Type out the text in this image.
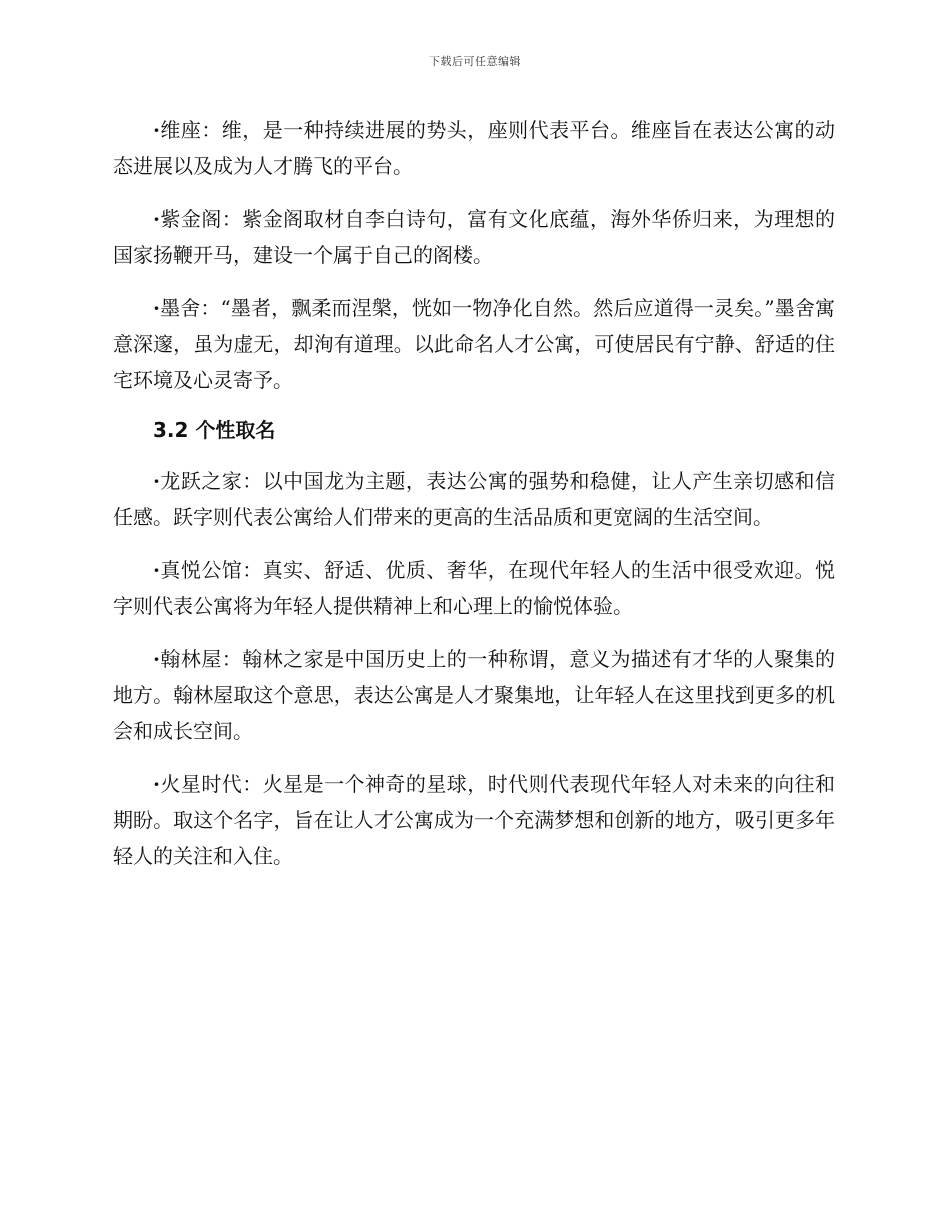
下载后可任意编辑

·维座：维，是一种持续进展的势头，座则代表平台。维座旨在表达公寓的动态进展以及成为人才腾飞的平台。

·紫金阁：紫金阁取材自李白诗句，富有文化底蕴，海外华侨归来，为理想的国家扬鞭开马，建设一个属于自己的阁楼。

·墨舍：“墨者，飘柔而涅槃，恍如一物净化自然。然后应道得一灵矣。”墨舍寓意深邃，虽为虚无，却洵有道理。以此命名人才公寓，可使居民有宁静、舒适的住宅环境及心灵寄予。

3.2 个性取名

·龙跃之家：以中国龙为主题，表达公寓的强势和稳健，让人产生亲切感和信任感。跃字则代表公寓给人们带来的更高的生活品质和更宽阔的生活空间。

·真悦公馆：真实、舒适、优质、奢华，在现代年轻人的生活中很受欢迎。悦字则代表公寓将为年轻人提供精神上和心理上的愉悦体验。

·翰林屋：翰林之家是中国历史上的一种称谓，意义为描述有才华的人聚集的地方。翰林屋取这个意思，表达公寓是人才聚集地，让年轻人在这里找到更多的机会和成长空间。

·火星时代：火星是一个神奇的星球，时代则代表现代年轻人对未来的向往和期盼。取这个名字，旨在让人才公寓成为一个充满梦想和创新的地方，吸引更多年轻人的关注和入住。
